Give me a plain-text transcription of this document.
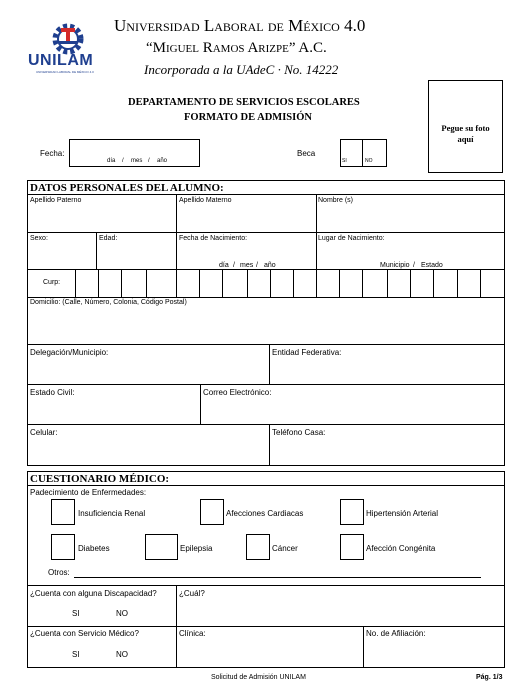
UNILAM
UNIVERSIDAD LABORAL DE MÉXICO 4.0
Universidad Laboral de México 4.0
“Miguel Ramos Arizpe” A.C.
Incorporada a la UAdeC · No. 14222
DEPARTAMENTO DE SERVICIOS ESCOLARES
FORMATO DE ADMISIÓN
Pegue su foto aquí
Fecha:
día / mes / año
Beca
SI	NO
DATOS PERSONALES DEL ALUMNO:
Apellido Paterno	Apellido Materno	Nombre (s)
Sexo:	Edad:	Fecha de Nacimiento:	Lugar de Nacimiento:
día / mes / año	Municipio / Estado
Curp:
Domicilio: (Calle, Número, Colonia, Código Postal)
Delegación/Municipio:	Entidad Federativa:
Estado Civil:	Correo Electrónico:
Celular:	Teléfono Casa:
CUESTIONARIO MÉDICO:
Padecimiento de Enfermedades:
Insuficiencia Renal	Afecciones Cardiacas	Hipertensión Arterial
Diabetes	Epilepsia	Cáncer	Afección Congénita
Otros:
¿Cuenta con alguna Discapacidad?
SI	NO
¿Cuál?
¿Cuenta con Servicio Médico?
SI	NO
Clínica:	No. de Afiliación:
Solicitud de Admisión UNILAM	Pág. 1/3
